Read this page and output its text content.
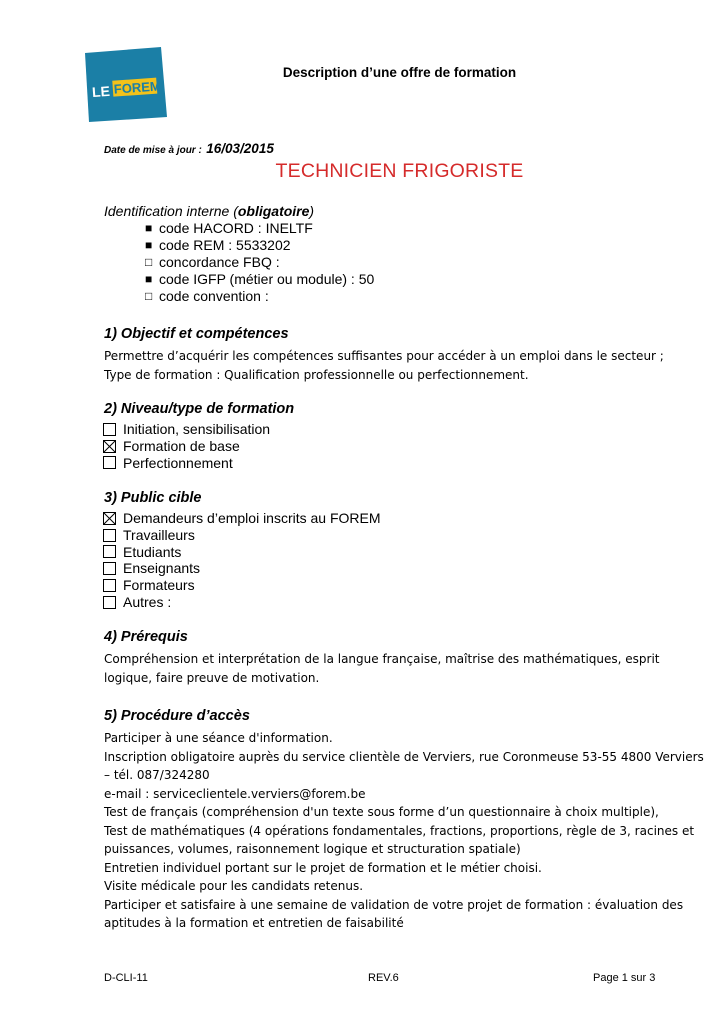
LE FOREM
Description d’une offre de formation
Date de mise à jour : 16/03/2015
TECHNICIEN FRIGORISTE
Identification interne (obligatoire)
■ code HACORD : INELTF
■ code REM : 5533202
□ concordance FBQ :
■ code IGFP (métier ou module) : 50
□ code convention :
1) Objectif et compétences
Permettre d’acquérir les compétences suffisantes pour accéder à un emploi dans le secteur ;
Type de formation : Qualification professionnelle ou perfectionnement.
2) Niveau/type de formation
Initiation, sensibilisation
Formation de base
Perfectionnement
3) Public cible
Demandeurs d’emploi inscrits au FOREM
Travailleurs
Etudiants
Enseignants
Formateurs
Autres :
4) Prérequis
Compréhension et interprétation de la langue française, maîtrise des mathématiques, esprit
logique, faire preuve de motivation.
5) Procédure d’accès
Participer à une séance d'information.
Inscription obligatoire auprès du service clientèle de Verviers, rue Coronmeuse 53-55 4800 Verviers
– tél. 087/324280
e-mail : serviceclientele.verviers@forem.be
Test de français (compréhension d'un texte sous forme d’un questionnaire à choix multiple),
Test de mathématiques (4 opérations fondamentales, fractions, proportions, règle de 3, racines et
puissances, volumes, raisonnement logique et structuration spatiale)
Entretien individuel portant sur le projet de formation et le métier choisi.
Visite médicale pour les candidats retenus.
Participer et satisfaire à une semaine de validation de votre projet de formation : évaluation des
aptitudes à la formation et entretien de faisabilité
D-CLI-11	REV.6	Page 1 sur 3
